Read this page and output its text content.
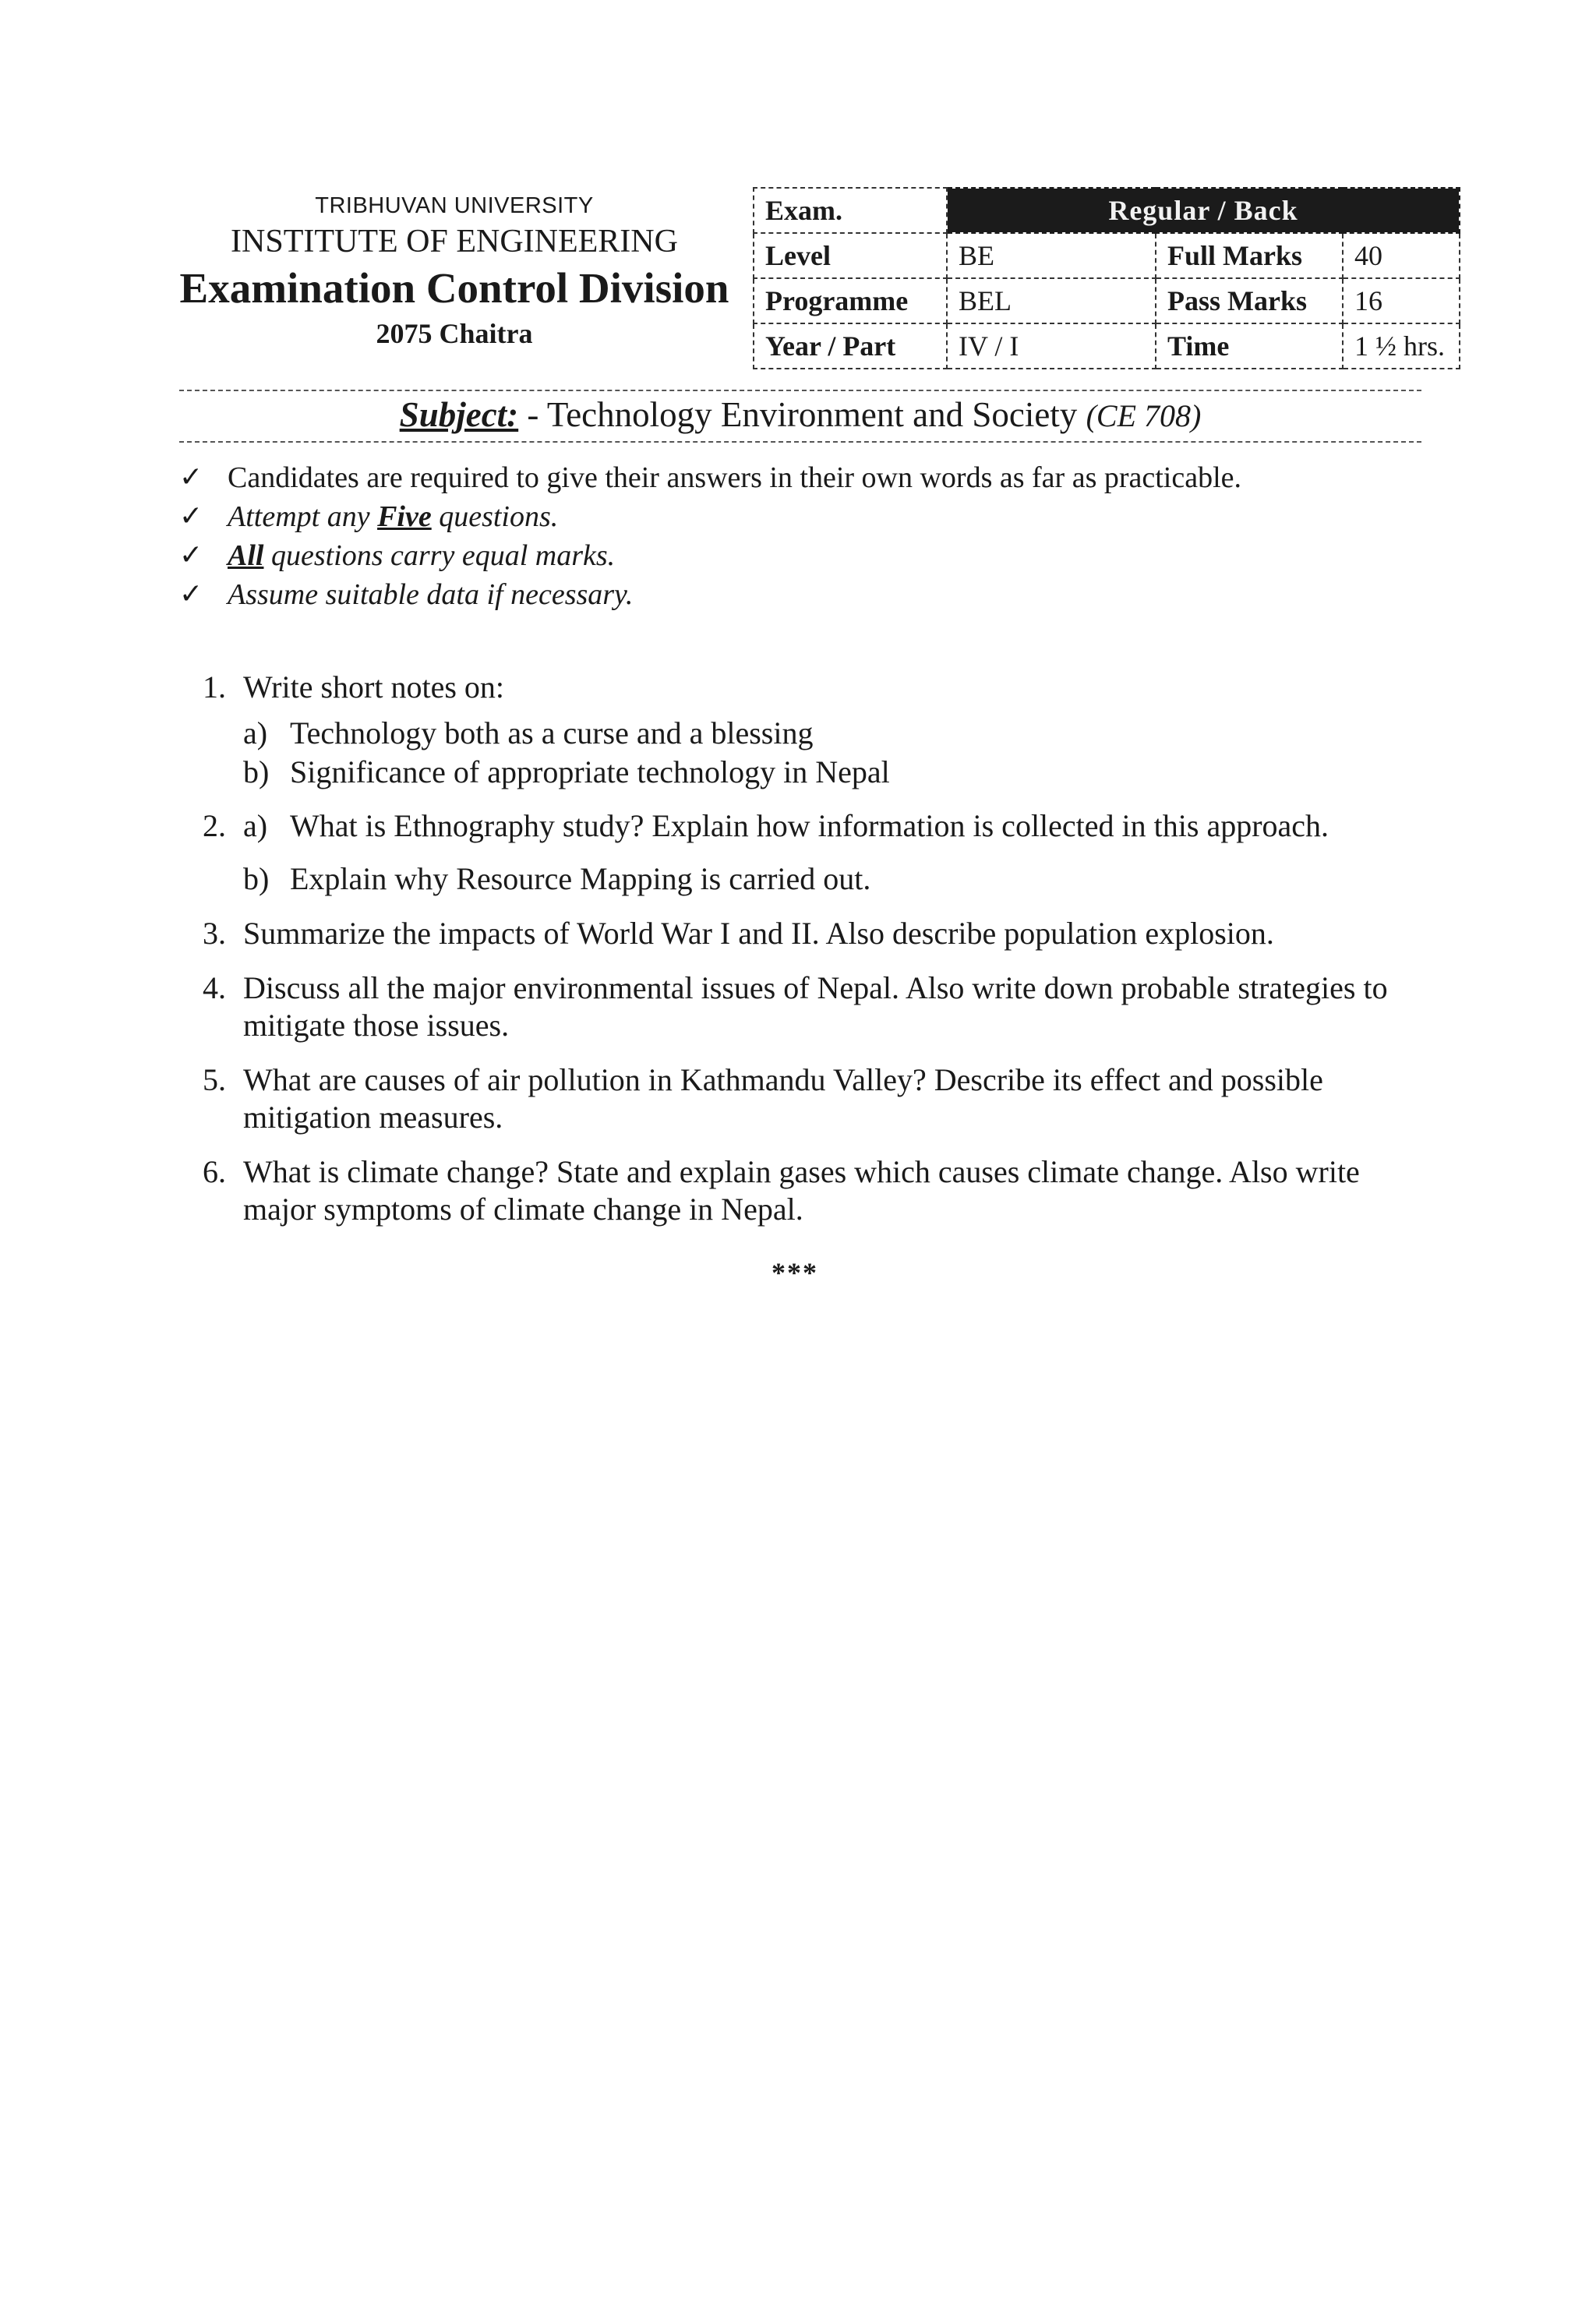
TRIBHUVAN UNIVERSITY
INSTITUTE OF ENGINEERING
Examination Control Division
2075 Chaitra
Exam.	Regular / Back		
Level	BE	Full Marks	40
Programme	BEL	Pass Marks	16
Year / Part	IV / I	Time	1 ½ hrs.
Subject: - Technology Environment and Society (CE 708)
✓ Candidates are required to give their answers in their own words as far as practicable.
✓ Attempt any Five questions.
✓ All questions carry equal marks.
✓ Assume suitable data if necessary.
1. Write short notes on:
a) Technology both as a curse and a blessing
b) Significance of appropriate technology in Nepal
2. a) What is Ethnography study? Explain how information is collected in this approach.
b) Explain why Resource Mapping is carried out.
3. Summarize the impacts of World War I and II. Also describe population explosion.
4. Discuss all the major environmental issues of Nepal. Also write down probable strategies to mitigate those issues.
5. What are causes of air pollution in Kathmandu Valley? Describe its effect and possible mitigation measures.
6. What is climate change? State and explain gases which causes climate change. Also write major symptoms of climate change in Nepal.
***
